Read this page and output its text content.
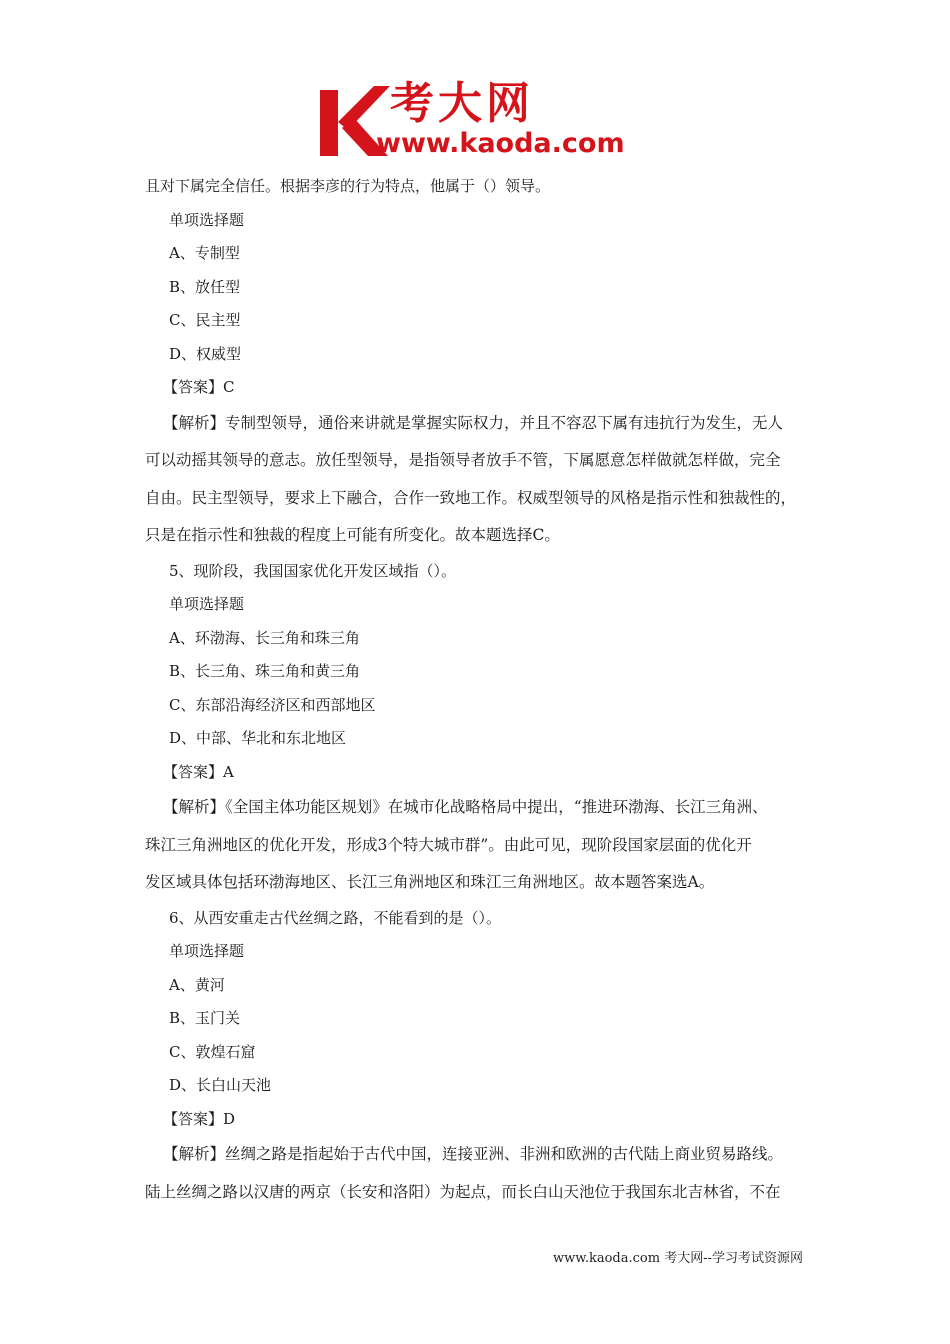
考大网
www.kaoda.com
且对下属完全信任。根据李彦的行为特点，他属于（）领导。
单项选择题
A、专制型
B、放任型
C、民主型
D、权威型
【答案】C
【解析】专制型领导，通俗来讲就是掌握实际权力，并且不容忍下属有违抗行为发生，无人
可以动摇其领导的意志。放任型领导，是指领导者放手不管，下属愿意怎样做就怎样做，完全
自由。民主型领导，要求上下融合，合作一致地工作。权威型领导的风格是指示性和独裁性的，
只是在指示性和独裁的程度上可能有所变化。故本题选择C。
5、现阶段，我国国家优化开发区域指（）。
单项选择题
A、环渤海、长三角和珠三角
B、长三角、珠三角和黄三角
C、东部沿海经济区和西部地区
D、中部、华北和东北地区
【答案】A
【解析】《全国主体功能区规划》在城市化战略格局中提出，“推进环渤海、长江三角洲、
珠江三角洲地区的优化开发，形成3个特大城市群”。由此可见，现阶段国家层面的优化开
发区域具体包括环渤海地区、长江三角洲地区和珠江三角洲地区。故本题答案选A。
6、从西安重走古代丝绸之路，不能看到的是（）。
单项选择题
A、黄河
B、玉门关
C、敦煌石窟
D、长白山天池
【答案】D
【解析】丝绸之路是指起始于古代中国，连接亚洲、非洲和欧洲的古代陆上商业贸易路线。
陆上丝绸之路以汉唐的两京（长安和洛阳）为起点，而长白山天池位于我国东北吉林省，不在
www.kaoda.com 考大网--学习考试资源网
